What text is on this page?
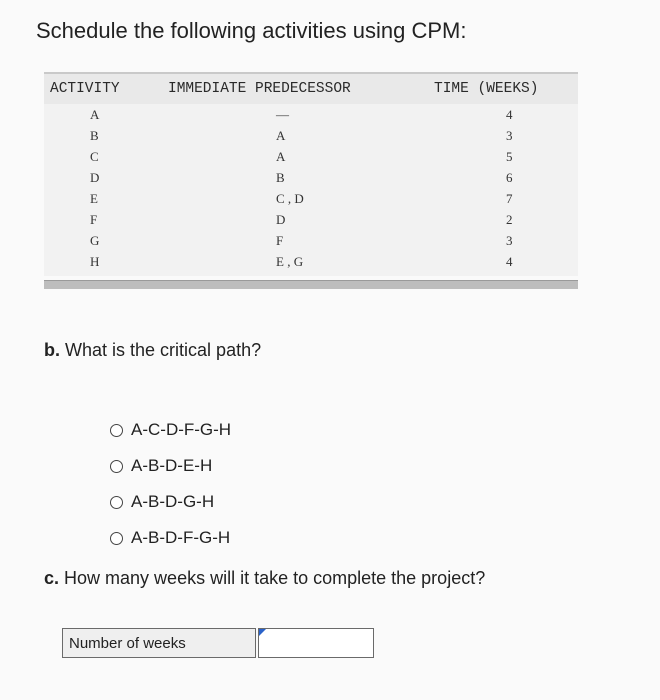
Schedule the following activities using CPM:
ACTIVITY	IMMEDIATE PREDECESSOR	TIME (WEEKS)
A	—	4
B	A	3
C	A	5
D	B	6
E	C , D	7
F	D	2
G	F	3
H	E , G	4
b. What is the critical path?
A-C-D-F-G-H
A-B-D-E-H
A-B-D-G-H
A-B-D-F-G-H
c. How many weeks will it take to complete the project?
Number of weeks
